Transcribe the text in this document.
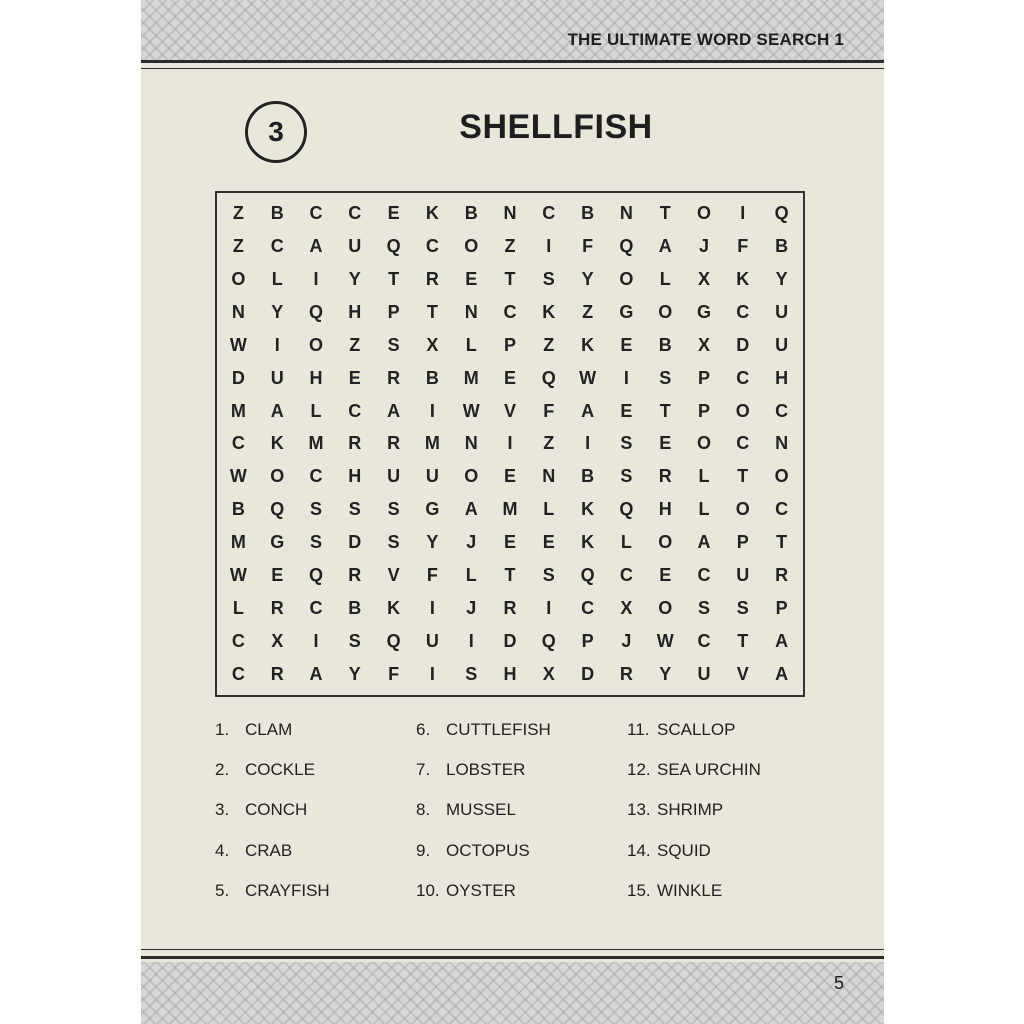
THE ULTIMATE WORD SEARCH 1
3	SHELLFISH
Z	B	C	C	E	K	B	N	C	B	N	T	O	I	Q
Z	C	A	U	Q	C	O	Z	I	F	Q	A	J	F	B
O	L	I	Y	T	R	E	T	S	Y	O	L	X	K	Y
N	Y	Q	H	P	T	N	C	K	Z	G	O	G	C	U
W	I	O	Z	S	X	L	P	Z	K	E	B	X	D	U
D	U	H	E	R	B	M	E	Q	W	I	S	P	C	H
M	A	L	C	A	I	W	V	F	A	E	T	P	O	C
C	K	M	R	R	M	N	I	Z	I	S	E	O	C	N
W	O	C	H	U	U	O	E	N	B	S	R	L	T	O
B	Q	S	S	S	G	A	M	L	K	Q	H	L	O	C
M	G	S	D	S	Y	J	E	E	K	L	O	A	P	T
W	E	Q	R	V	F	L	T	S	Q	C	E	C	U	R
L	R	C	B	K	I	J	R	I	C	X	O	S	S	P
C	X	I	S	Q	U	I	D	Q	P	J	W	C	T	A
C	R	A	Y	F	I	S	H	X	D	R	Y	U	V	A
1. CLAM
2. COCKLE
3. CONCH
4. CRAB
5. CRAYFISH
6. CUTTLEFISH
7. LOBSTER
8. MUSSEL
9. OCTOPUS
10. OYSTER
11. SCALLOP
12. SEA URCHIN
13. SHRIMP
14. SQUID
15. WINKLE
5
